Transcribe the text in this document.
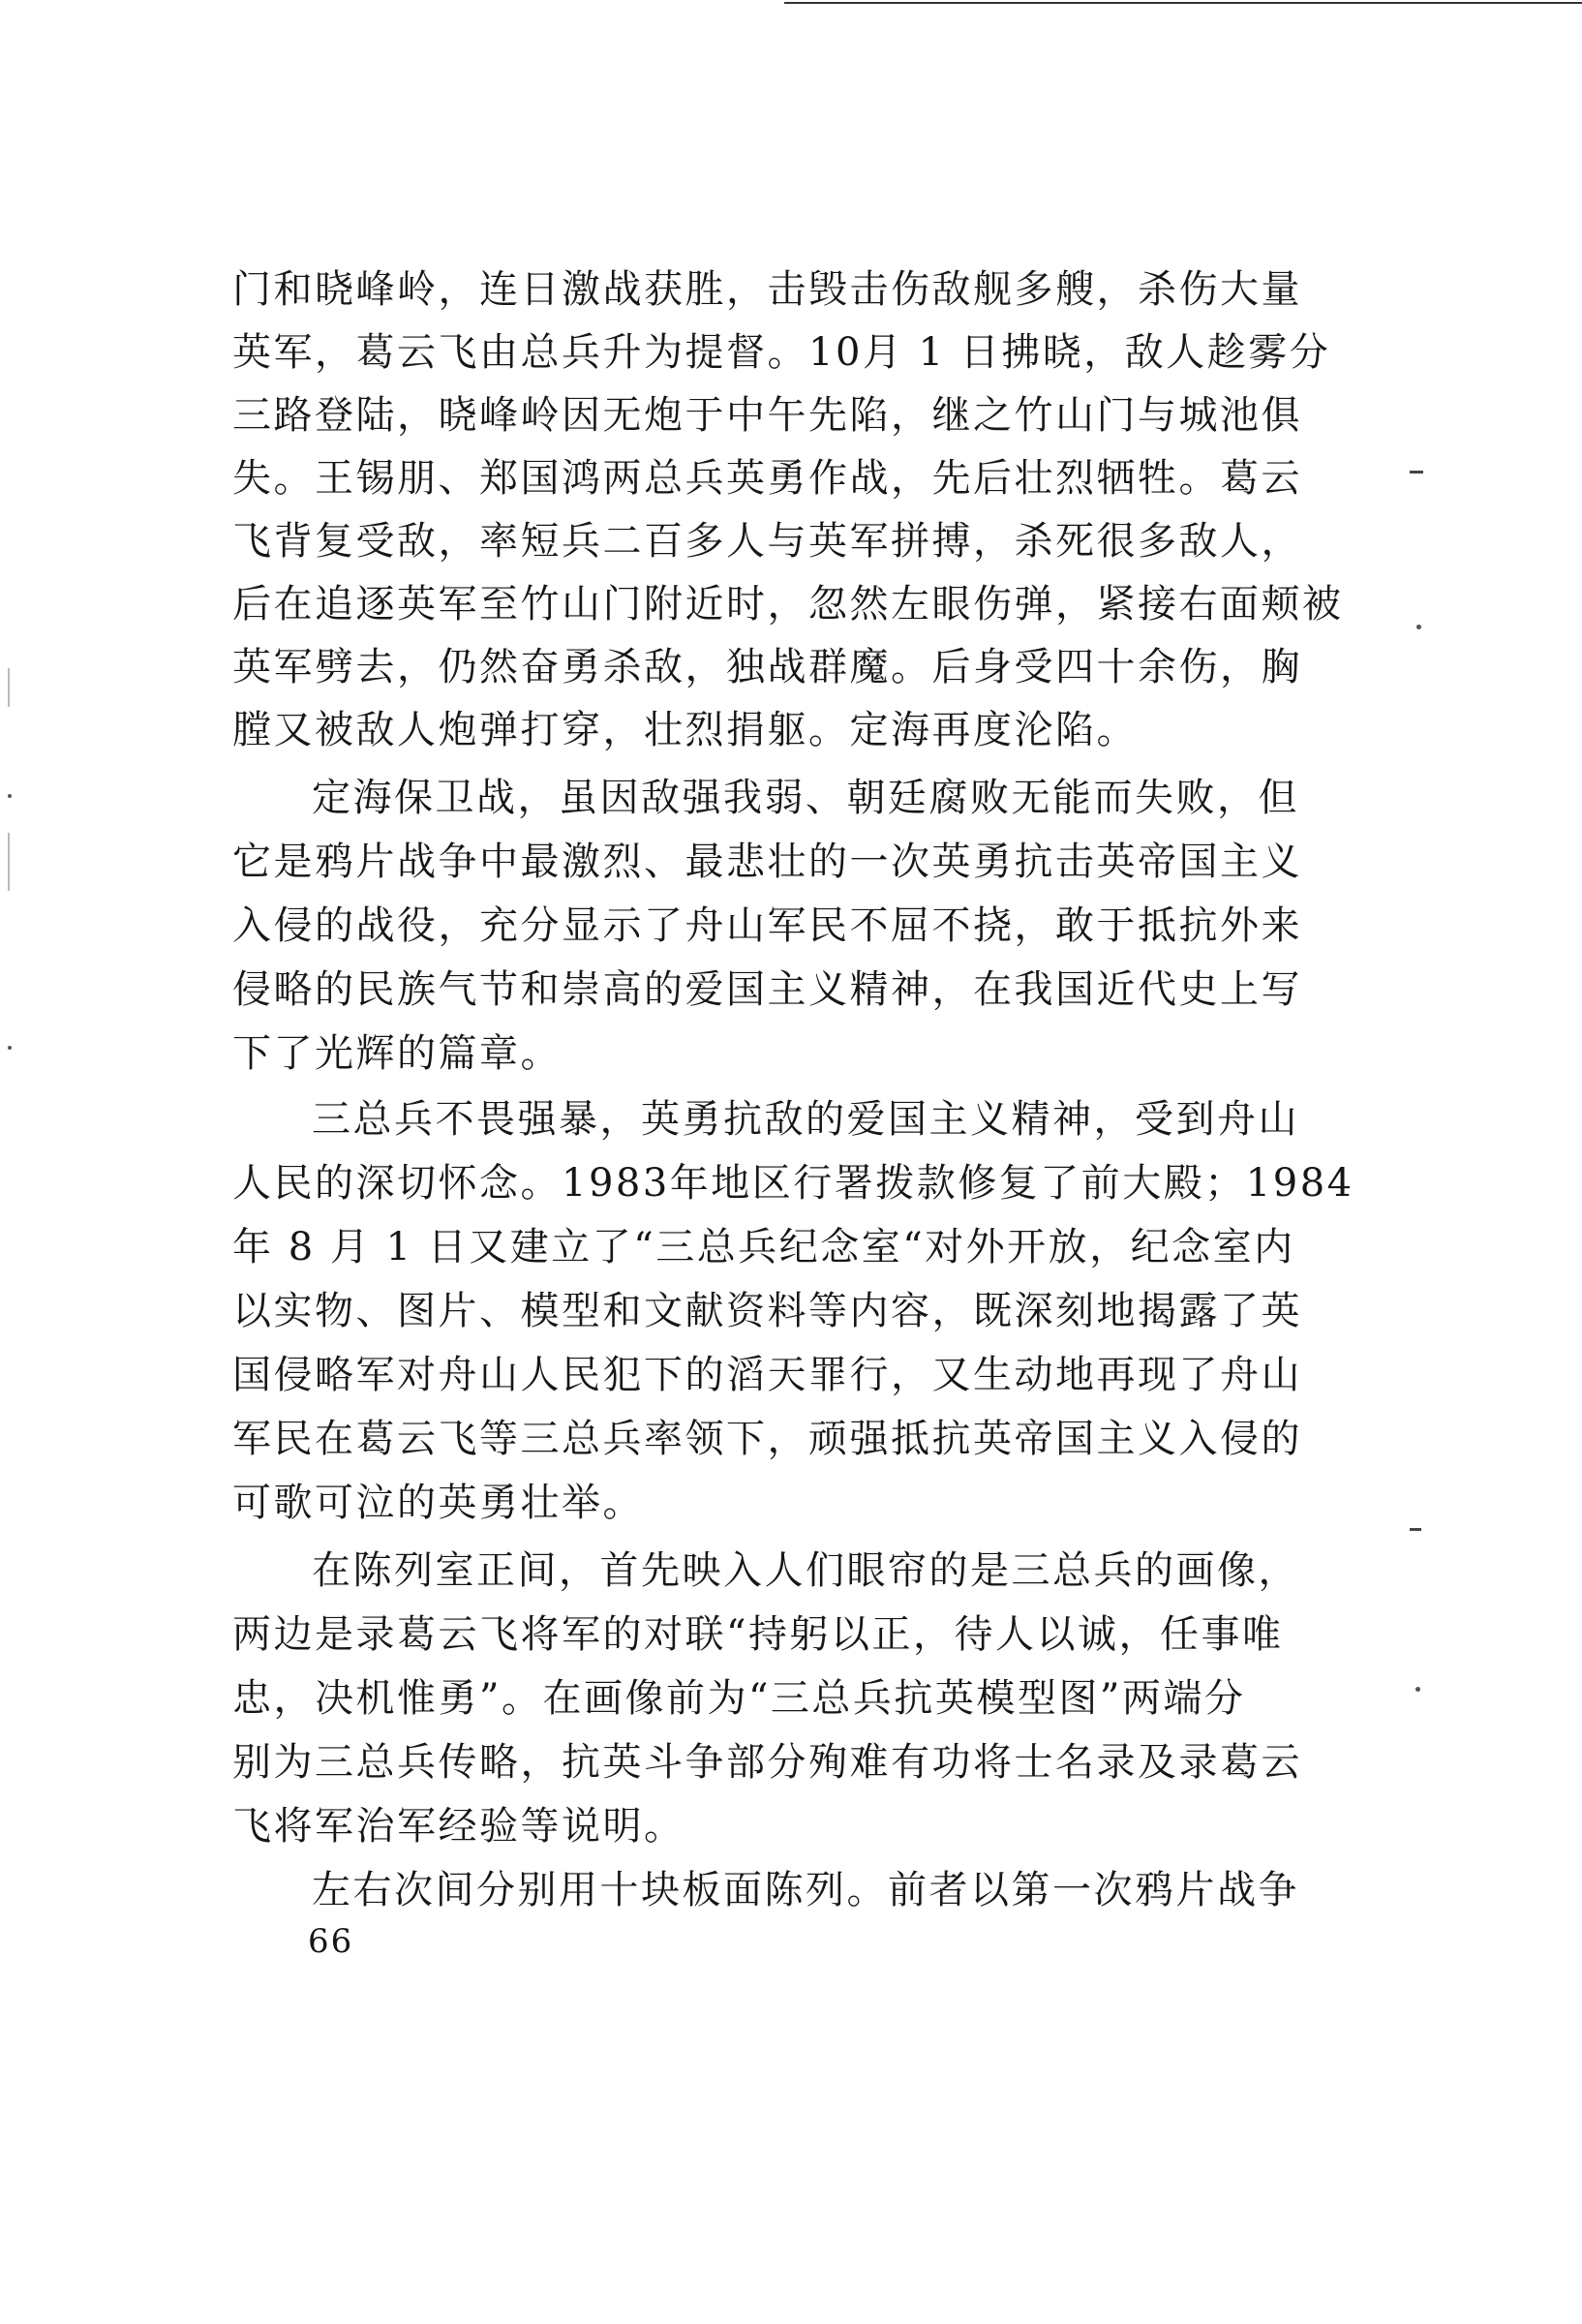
门和晓峰岭，连日激战获胜，击毁击伤敌舰多艘，杀伤大量
英军，葛云飞由总兵升为提督。10月 1 日拂晓，敌人趁雾分
三路登陆，晓峰岭因无炮于中午先陷，继之竹山门与城池俱
失。王锡朋、郑国鸿两总兵英勇作战，先后壮烈牺牲。葛云
飞背复受敌，率短兵二百多人与英军拼搏，杀死很多敌人，
后在追逐英军至竹山门附近时，忽然左眼伤弹，紧接右面颊被
英军劈去，仍然奋勇杀敌，独战群魔。后身受四十余伤，胸
膛又被敌人炮弹打穿，壮烈捐躯。定海再度沦陷。
定海保卫战，虽因敌强我弱、朝廷腐败无能而失败，但
它是鸦片战争中最激烈、最悲壮的一次英勇抗击英帝国主义
入侵的战役，充分显示了舟山军民不屈不挠，敢于抵抗外来
侵略的民族气节和崇高的爱国主义精神，在我国近代史上写
下了光辉的篇章。
三总兵不畏强暴，英勇抗敌的爱国主义精神，受到舟山
人民的深切怀念。1983年地区行署拨款修复了前大殿；1984
年 8 月 1 日又建立了“三总兵纪念室“对外开放，纪念室内
以实物、图片、模型和文献资料等内容，既深刻地揭露了英
国侵略军对舟山人民犯下的滔天罪行，又生动地再现了舟山
军民在葛云飞等三总兵率领下，顽强抵抗英帝国主义入侵的
可歌可泣的英勇壮举。
在陈列室正间，首先映入人们眼帘的是三总兵的画像，
两边是录葛云飞将军的对联“持躬以正，待人以诚，任事唯
忠，决机惟勇”。在画像前为“三总兵抗英模型图”两端分
别为三总兵传略，抗英斗争部分殉难有功将士名录及录葛云
飞将军治军经验等说明。
左右次间分别用十块板面陈列。前者以第一次鸦片战争
66
